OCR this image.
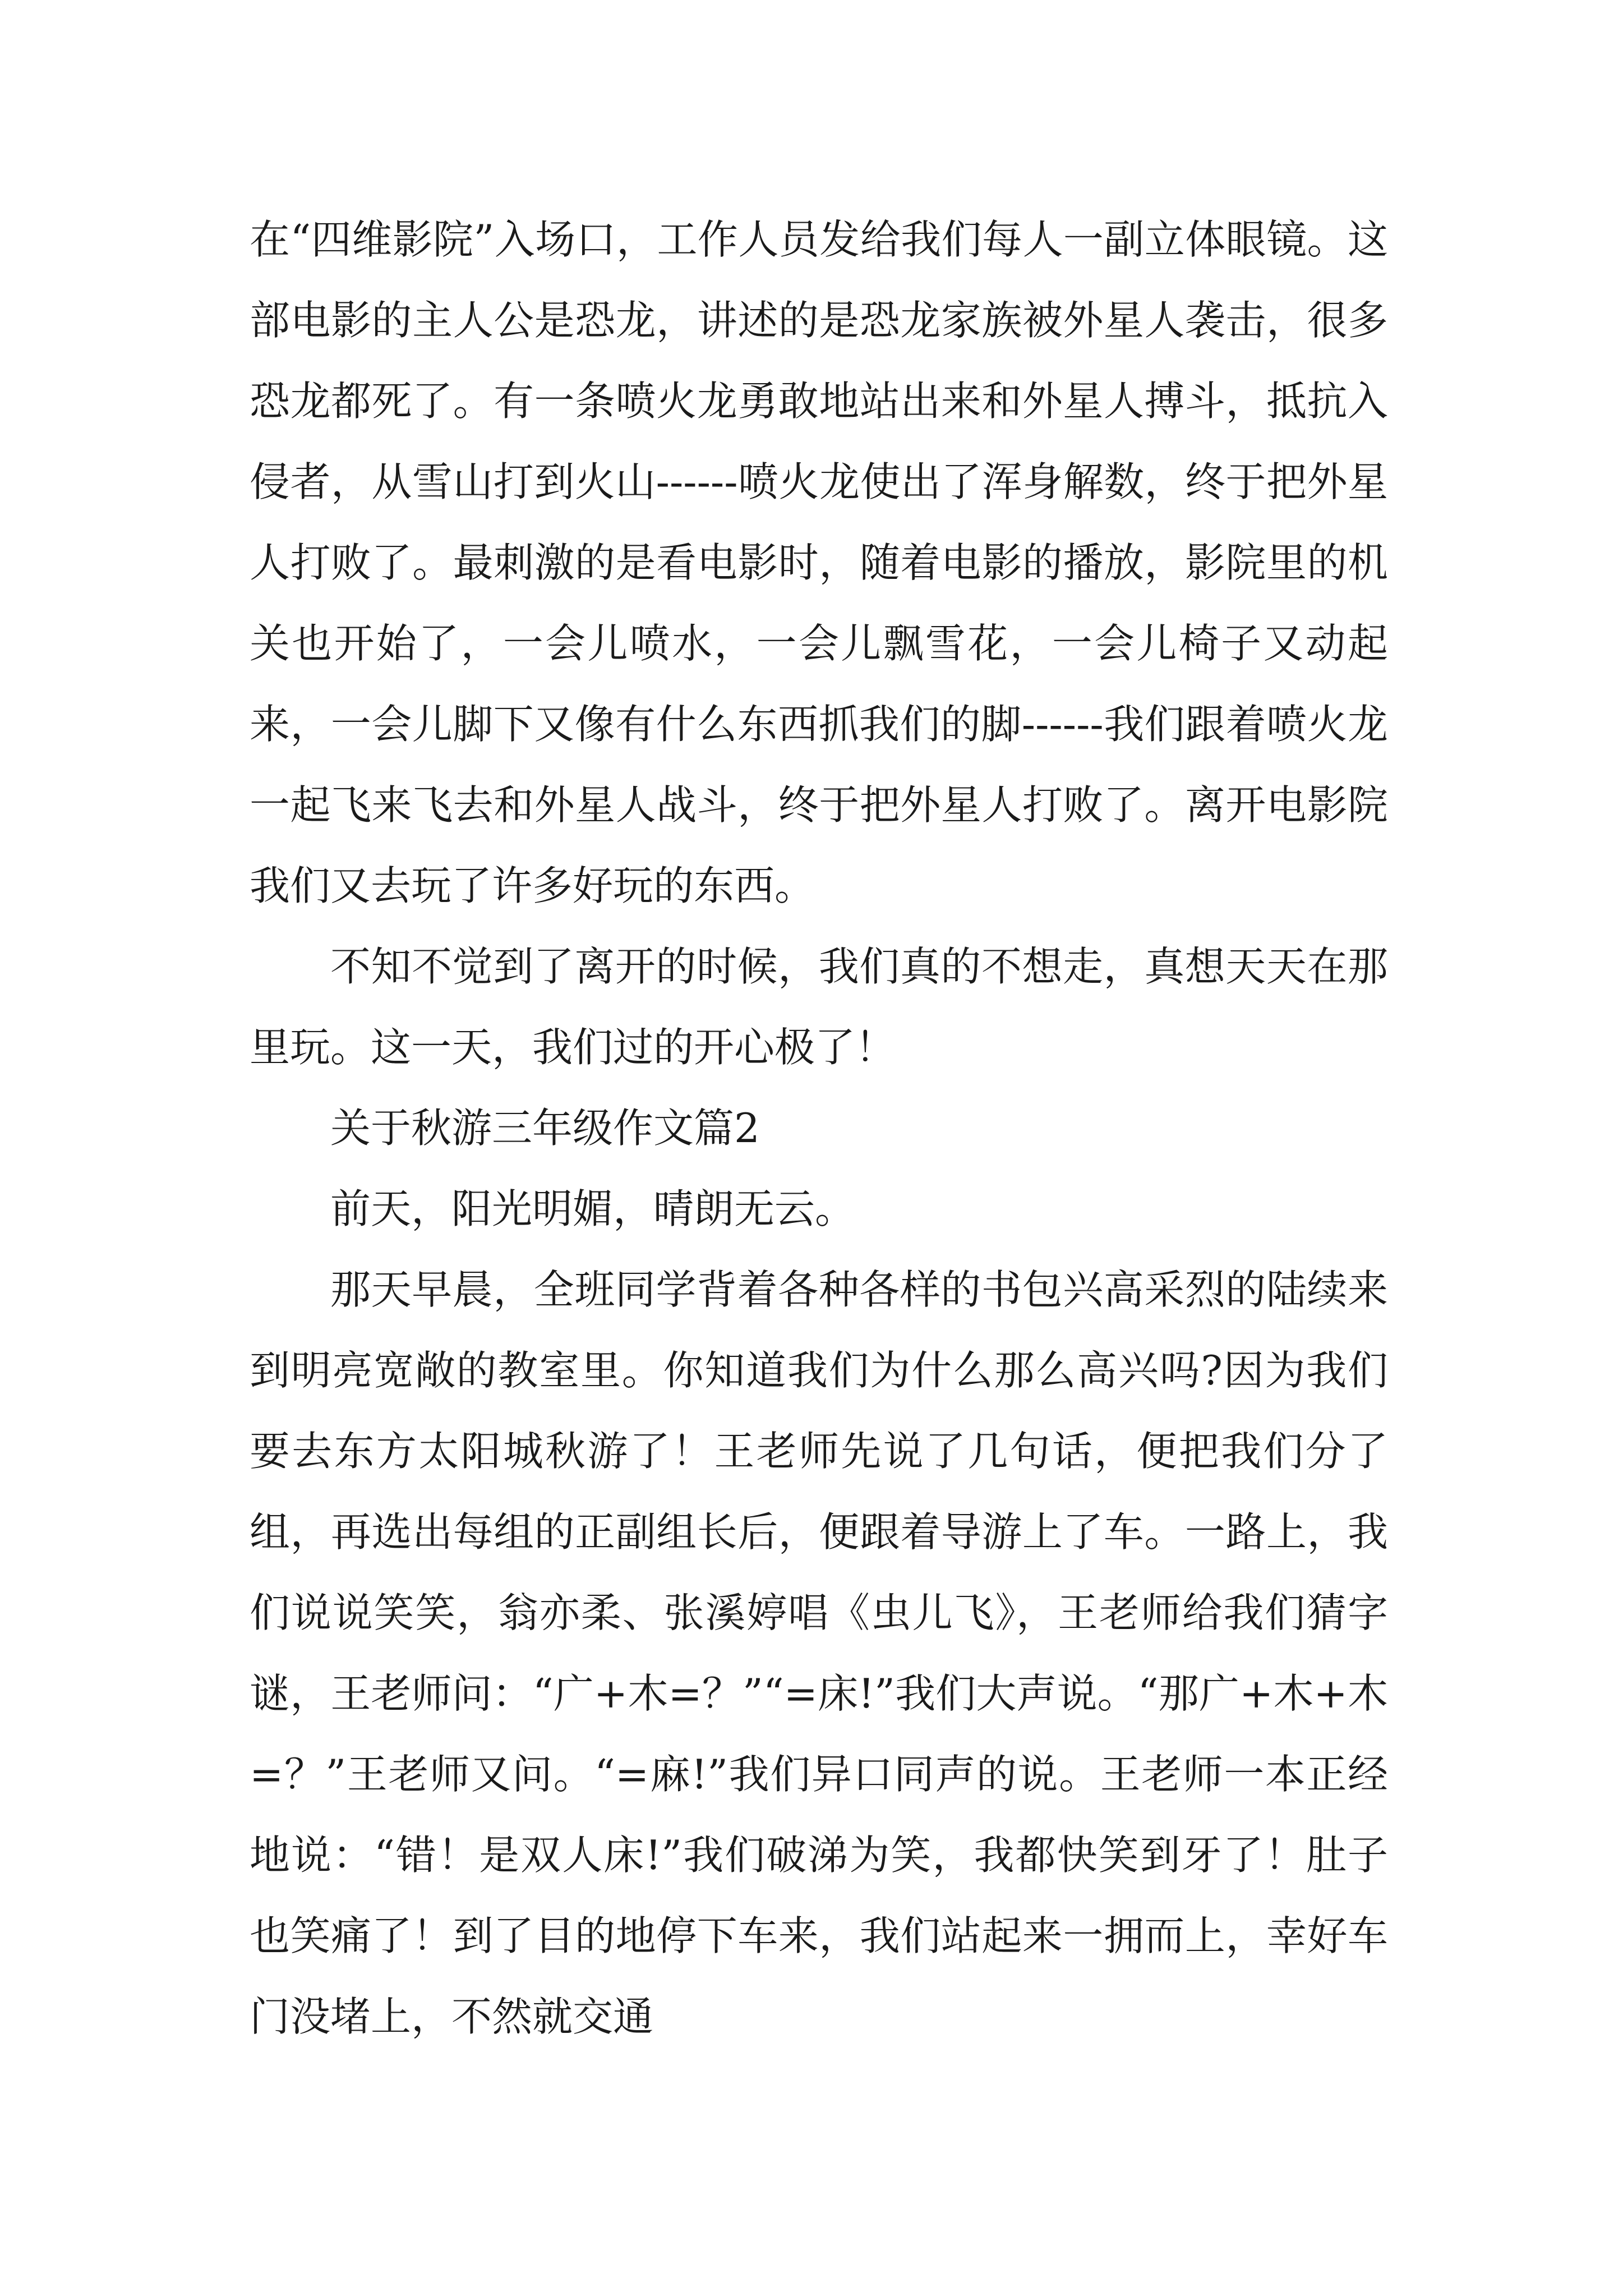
在“四维影院”入场口，工作人员发给我们每人一副立体眼镜。这部电影的主人公是恐龙，讲述的是恐龙家族被外星人袭击，很多恐龙都死了。有一条喷火龙勇敢地站出来和外星人搏斗，抵抗入侵者，从雪山打到火山------喷火龙使出了浑身解数，终于把外星人打败了。最刺激的是看电影时，随着电影的播放，影院里的机关也开始了，一会儿喷水，一会儿飘雪花，一会儿椅子又动起来，一会儿脚下又像有什么东西抓我们的脚------我们跟着喷火龙一起飞来飞去和外星人战斗，终于把外星人打败了。离开电影院我们又去玩了许多好玩的东西。

不知不觉到了离开的时候，我们真的不想走，真想天天在那里玩。这一天，我们过的开心极了！

关于秋游三年级作文篇2

前天，阳光明媚，晴朗无云。

那天早晨，全班同学背着各种各样的书包兴高采烈的陆续来到明亮宽敞的教室里。你知道我们为什么那么高兴吗?因为我们要去东方太阳城秋游了！王老师先说了几句话，便把我们分了组，再选出每组的正副组长后，便跟着导游上了车。一路上，我们说说笑笑，翁亦柔、张溪婷唱《虫儿飞》，王老师给我们猜字谜，王老师问：“广+木=？”“=床!”我们大声说。“那广+木+木=？”王老师又问。“=麻!”我们异口同声的说。王老师一本正经地说：“错！是双人床!”我们破涕为笑，我都快笑到牙了！肚子也笑痛了！到了目的地停下车来，我们站起来一拥而上，幸好车门没堵上，不然就交通
